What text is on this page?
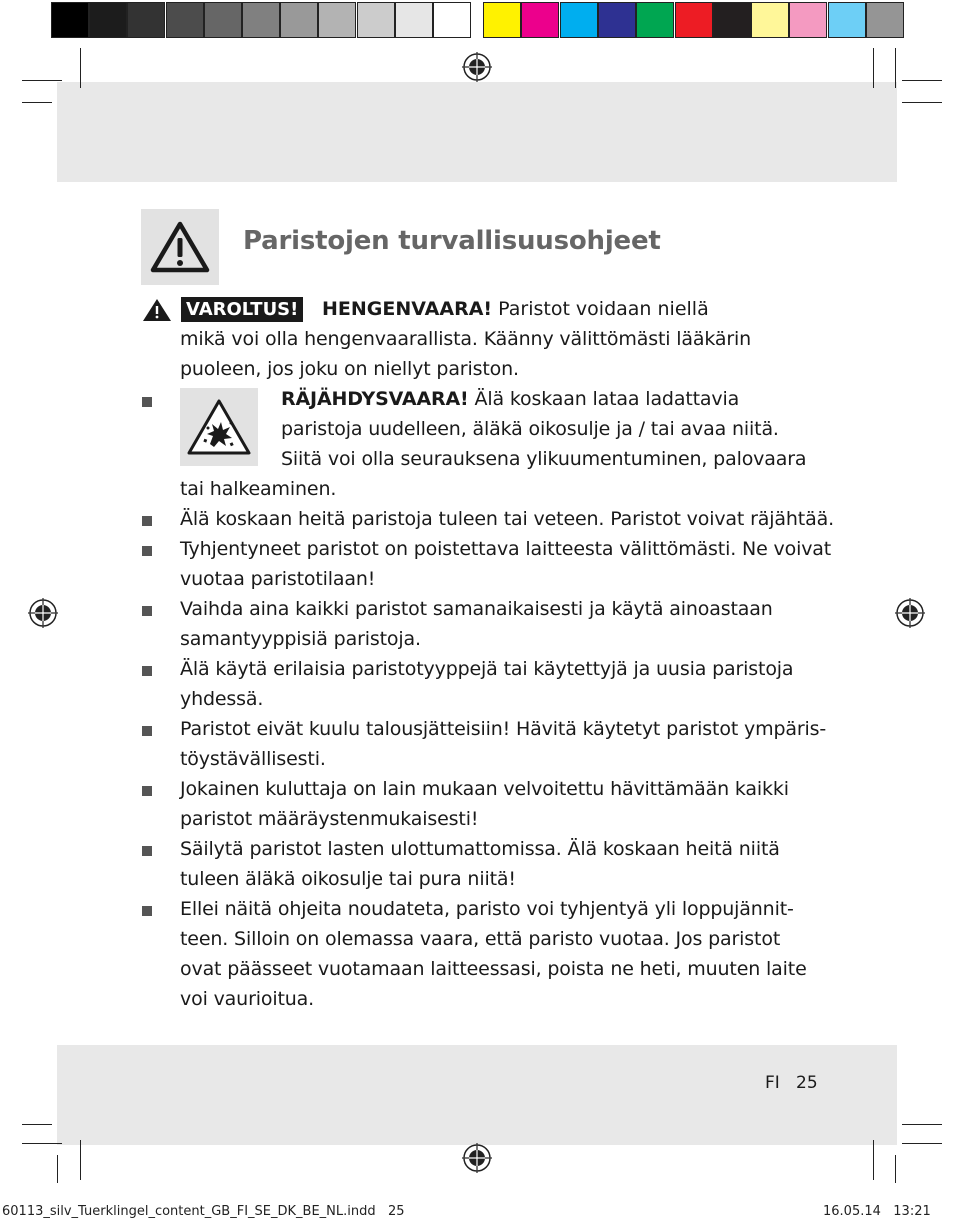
Paristojen turvallisuusohjeet
VAROLTUS! HENGENVAARA! Paristot voidaan niellä
mikä voi olla hengenvaarallista. Käänny välittömästi lääkärin
puoleen, jos joku on niellyt pariston.
RÄJÄHDYSVAARA! Älä koskaan lataa ladattavia
paristoja uudelleen, äläkä oikosulje ja / tai avaa niitä.
Siitä voi olla seurauksena ylikuumentuminen, palovaara
tai halkeaminen.
Älä koskaan heitä paristoja tuleen tai veteen. Paristot voivat räjähtää.
Tyhjentyneet paristot on poistettava laitteesta välittömästi. Ne voivat
vuotaa paristotilaan!
Vaihda aina kaikki paristot samanaikaisesti ja käytä ainoastaan
samantyyppisiä paristoja.
Älä käytä erilaisia paristotyyppejä tai käytettyjä ja uusia paristoja
yhdessä.
Paristot eivät kuulu talousjätteisiin! Hävitä käytetyt paristot ympäris-
töystävällisesti.
Jokainen kuluttaja on lain mukaan velvoitettu hävittämään kaikki
paristot määräystenmukaisesti!
Säilytä paristot lasten ulottumattomissa. Älä koskaan heitä niitä
tuleen äläkä oikosulje tai pura niitä!
Ellei näitä ohjeita noudateta, paristo voi tyhjentyä yli loppujännit-
teen. Silloin on olemassa vaara, että paristo vuotaa. Jos paristot
ovat päässeet vuotamaan laitteessasi, poista ne heti, muuten laite
voi vaurioitua.
FI   25
60113_silv_Tuerklingel_content_GB_FI_SE_DK_BE_NL.indd   25	16.05.14   13:21
